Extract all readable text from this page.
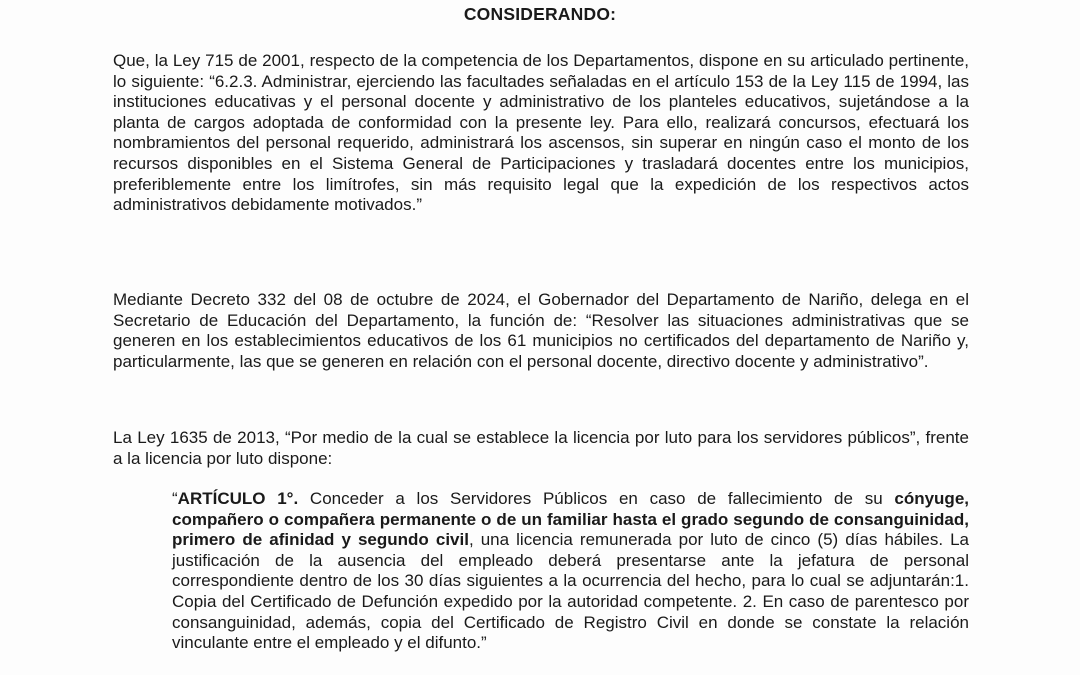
CONSIDERANDO:

Que, la Ley 715 de 2001, respecto de la competencia de los Departamentos, dispone en su articulado pertinente, lo siguiente: “6.2.3. Administrar, ejerciendo las facultades señaladas en el artículo 153 de la Ley 115 de 1994, las instituciones educativas y el personal docente y administrativo de los planteles educativos, sujetándose a la planta de cargos adoptada de conformidad con la presente ley. Para ello, realizará concursos, efectuará los nombramientos del personal requerido, administrará los ascensos, sin superar en ningún caso el monto de los recursos disponibles en el Sistema General de Participaciones y trasladará docentes entre los municipios, preferiblemente entre los limítrofes, sin más requisito legal que la expedición de los respectivos actos administrativos debidamente motivados.”

Mediante Decreto 332 del 08 de octubre de 2024, el Gobernador del Departamento de Nariño, delega en el Secretario de Educación del Departamento, la función de: “Resolver las situaciones administrativas que se generen en los establecimientos educativos de los 61 municipios no certificados del departamento de Nariño y, particularmente, las que se generen en relación con el personal docente, directivo docente y administrativo”.

La Ley 1635 de 2013, “Por medio de la cual se establece la licencia por luto para los servidores públicos”, frente a la licencia por luto dispone:

“ARTÍCULO 1°. Conceder a los Servidores Públicos en caso de fallecimiento de su cónyuge, compañero o compañera permanente o de un familiar hasta el grado segundo de consanguinidad, primero de afinidad y segundo civil, una licencia remunerada por luto de cinco (5) días hábiles. La justificación de la ausencia del empleado deberá presentarse ante la jefatura de personal correspondiente dentro de los 30 días siguientes a la ocurrencia del hecho, para lo cual se adjuntarán:1. Copia del Certificado de Defunción expedido por la autoridad competente. 2. En caso de parentesco por consanguinidad, además, copia del Certificado de Registro Civil en donde se constate la relación vinculante entre el empleado y el difunto.”
